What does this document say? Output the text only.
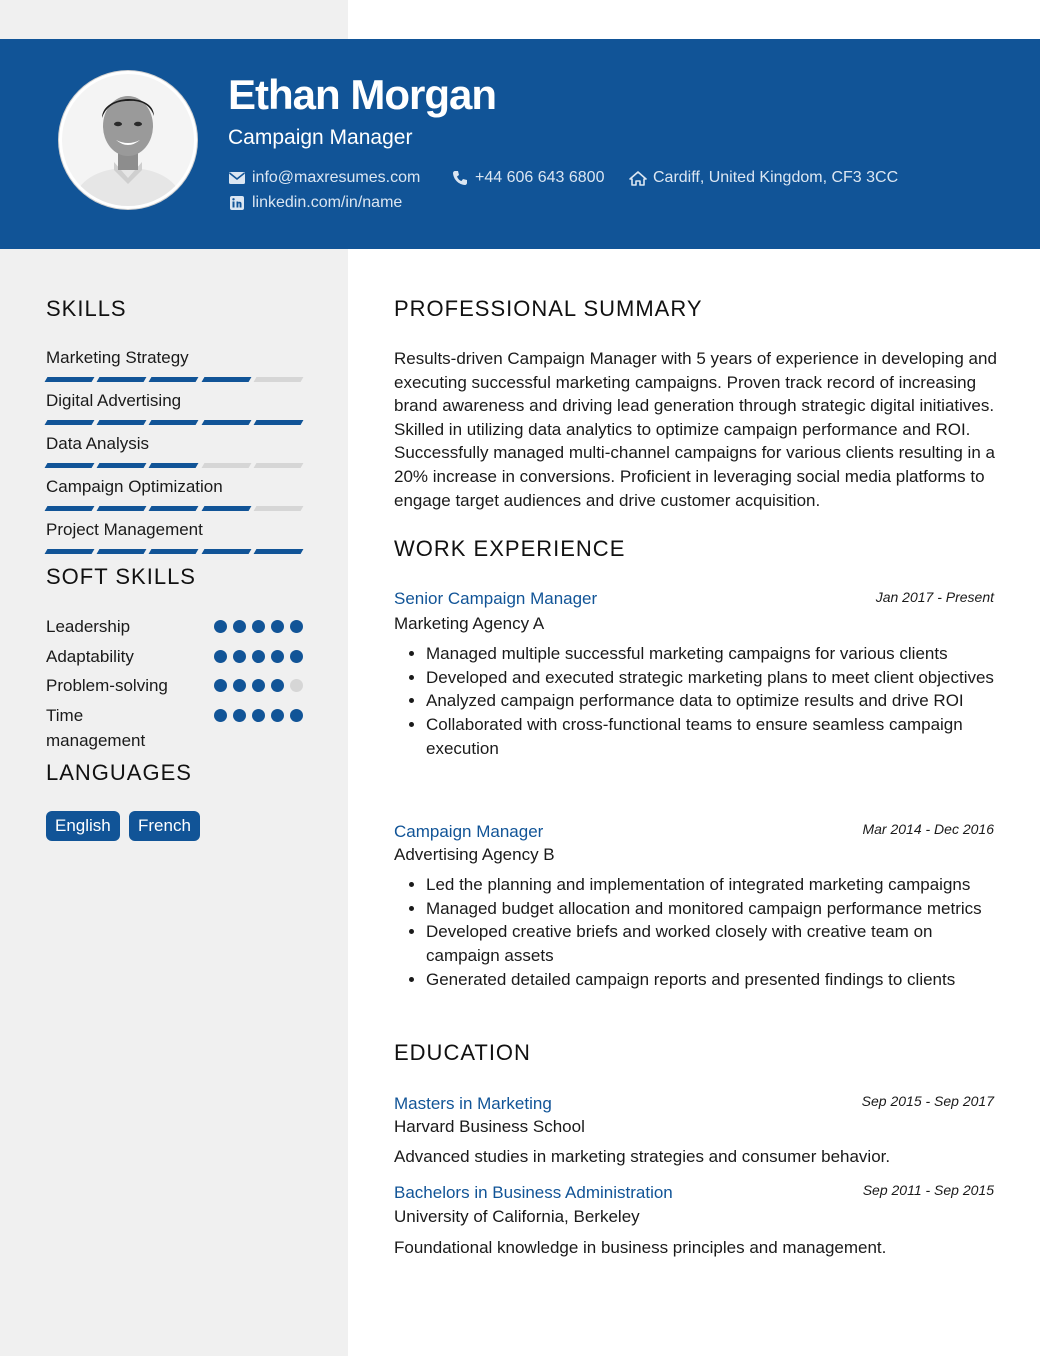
Ethan Morgan
Campaign Manager
info@maxresumes.com	+44 606 643 6800	Cardiff, United Kingdom, CF3 3CC
linkedin.com/in/name
SKILLS
Marketing Strategy
Digital Advertising
Data Analysis
Campaign Optimization
Project Management
SOFT SKILLS
Leadership
Adaptability
Problem-solving
Time management
LANGUAGES
English	French
PROFESSIONAL SUMMARY

Results-driven Campaign Manager with 5 years of experience in developing and executing successful marketing campaigns. Proven track record of increasing brand awareness and driving lead generation through strategic digital initiatives. Skilled in utilizing data analytics to optimize campaign performance and ROI. Successfully managed multi-channel campaigns for various clients resulting in a 20% increase in conversions. Proficient in leveraging social media platforms to engage target audiences and drive customer acquisition.

WORK EXPERIENCE
Senior Campaign Manager	Jan 2017 - Present
Marketing Agency A
• Managed multiple successful marketing campaigns for various clients
• Developed and executed strategic marketing plans to meet client objectives
• Analyzed campaign performance data to optimize results and drive ROI
• Collaborated with cross-functional teams to ensure seamless campaign execution
Campaign Manager	Mar 2014 - Dec 2016
Advertising Agency B
• Led the planning and implementation of integrated marketing campaigns
• Managed budget allocation and monitored campaign performance metrics
• Developed creative briefs and worked closely with creative team on campaign assets
• Generated detailed campaign reports and presented findings to clients
EDUCATION
Masters in Marketing	Sep 2015 - Sep 2017
Harvard Business School
Advanced studies in marketing strategies and consumer behavior.
Bachelors in Business Administration	Sep 2011 - Sep 2015
University of California, Berkeley
Foundational knowledge in business principles and management.
